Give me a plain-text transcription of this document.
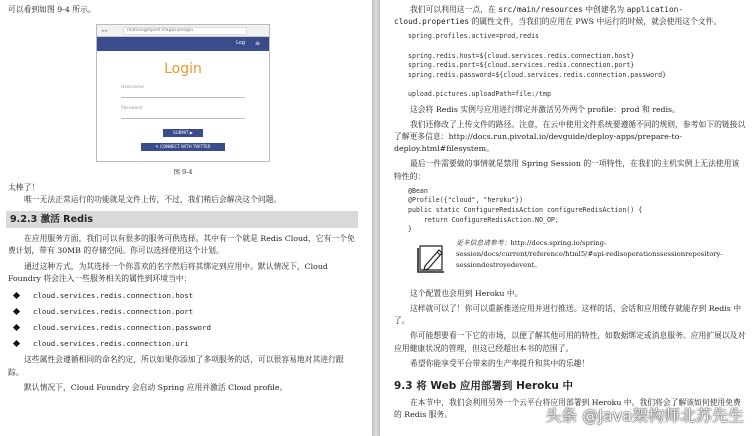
可以看到如图 9-4 所示。

◂ ▸	matsongmport.cfappsio/login
Log ≡
Login
Username
Password
SUBMIT ▶
✎ CONNECT WITH TWITTER
图 9-4

太棒了！

唯一无法正常运行的功能就是文件上传，不过，我们稍后会解决这个问题。

9.2.3 激活 Redis

在应用服务方面，我们可以有很多的服务可供选择。其中有一个就是 Redis Cloud，它有一个免费计划，带有 30MB 的存储空间。你可以选择使用这个计划。

通过这种方式，为其选择一个你喜欢的名字然后将其绑定到应用中。默认情况下，Cloud Foundry 将会注入一些服务相关的属性到环境当中：

cloud.services.redis.connection.host
cloud.services.redis.connection.port
cloud.services.redis.connection.password
cloud.services.redis.connection.uri

这些属性会遵循相同的命名约定，所以如果你添加了多项服务的话，可以很容易地对其进行跟踪。

默认情况下，Cloud Foundry 会启动 Spring 应用并激活 Cloud profile。

我们可以利用这一点，在 src/main/resources 中创建名为 application-cloud.properties 的属性文件，当我们的应用在 PWS 中运行的时候，就会使用这个文件。

spring.profiles.active=prod,redis

spring.redis.host=${cloud.services.redis.connection.host}
spring.redis.port=${cloud.services.redis.connection.port}
spring.redis.password=${cloud.services.redis.connection.password}

upload.pictures.uploadPath=file:/tmp

这会将 Redis 实例与应用进行绑定并激活另外两个 profile：prod 和 redis。

我们还修改了上传文件的路径。注意，在云中使用文件系统要遵循不同的规则，参考如下的链接以了解更多信息：http://docs.run.pivotal.io/devguide/deploy-apps/prepare-to-deploy.html#filesystem。

最后一件需要做的事情就是禁用 Spring Session 的一项特性，在我们的主机实例上无法使用该特性的：

@Bean
@Profile({"cloud", "heroku"})
public static ConfigureRedisAction configureRedisAction() {
return ConfigureRedisAction.NO_OP;
}
更多信息请参考：http://docs.spring.io/spring-session/docs/current/reference/html5/#api-redisoperationssessionrepository-sessiondestroyedevent。

这个配置也会用到 Heroku 中。

这样就可以了！你可以重新推送应用并进行推送。这样的话，会话和应用缓存就能存到 Redis 中了。

你可能想要看一下它的市场，以便了解其他可用的特性，如数据绑定或消息服务。应用扩展以及对应用健康状况的管理，但这已经超出本书的范围了。

希望你能享受平台带来的生产率提升和其中的乐趣！

9.3 将 Web 应用部署到 Heroku 中

在本节中，我们会利用另外一个云平台将应用部署到 Heroku 中。我们将会了解该如何使用免费的 Redis 服务。	头条 @Java架构师北苏先生
